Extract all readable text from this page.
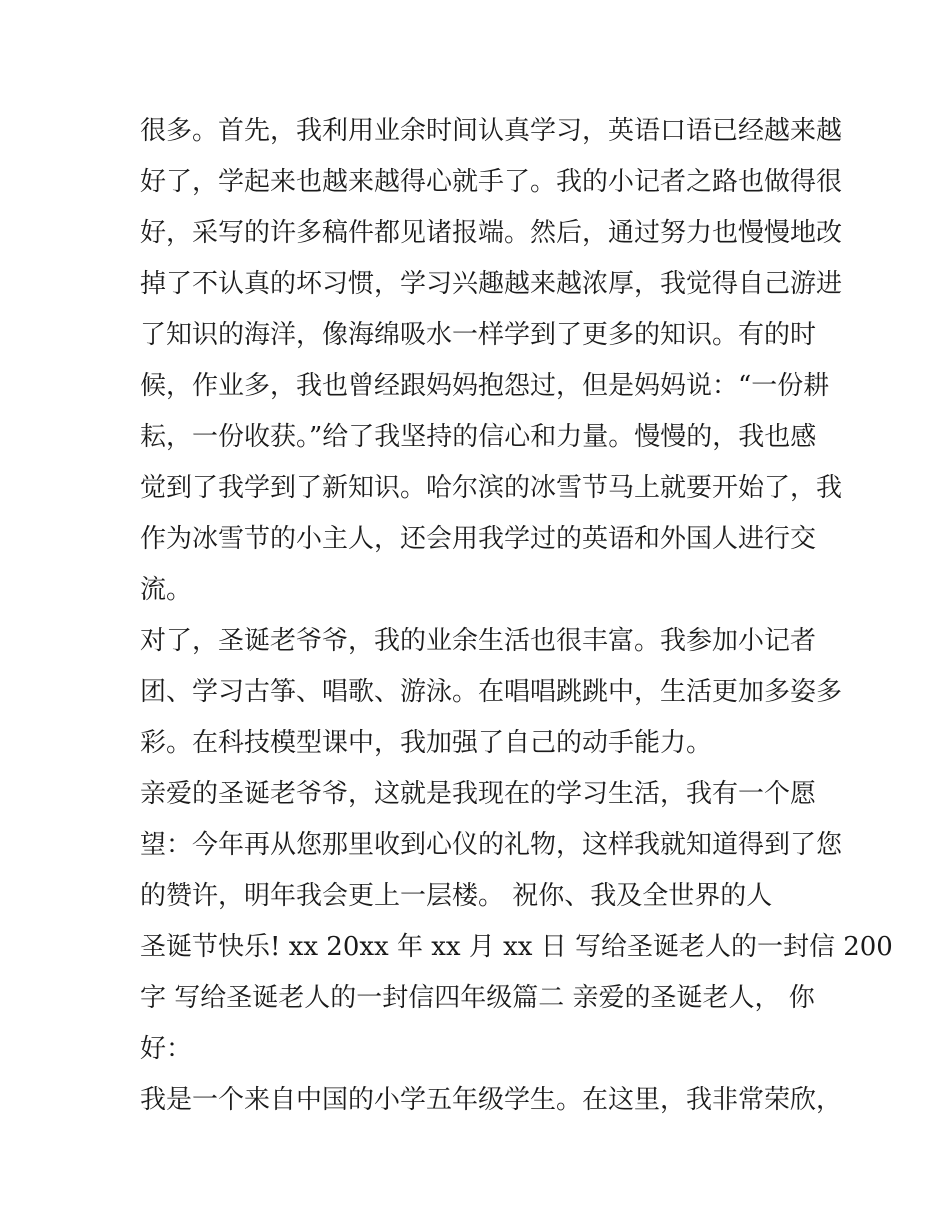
很多。首先，我利用业余时间认真学习，英语口语已经越来越
好了，学起来也越来越得心就手了。我的小记者之路也做得很
好，采写的许多稿件都见诸报端。然后，通过努力也慢慢地改
掉了不认真的坏习惯，学习兴趣越来越浓厚，我觉得自己游进
了知识的海洋，像海绵吸水一样学到了更多的知识。有的时
候，作业多，我也曾经跟妈妈抱怨过，但是妈妈说：“一份耕
耘，一份收获。”给了我坚持的信心和力量。慢慢的，我也感
觉到了我学到了新知识。哈尔滨的冰雪节马上就要开始了，我
作为冰雪节的小主人，还会用我学过的英语和外国人进行交
流。
对了，圣诞老爷爷，我的业余生活也很丰富。我参加小记者
团、学习古筝、唱歌、游泳。在唱唱跳跳中，生活更加多姿多
彩。在科技模型课中，我加强了自己的动手能力。
亲爱的圣诞老爷爷，这就是我现在的学习生活，我有一个愿
望：今年再从您那里收到心仪的礼物，这样我就知道得到了您
的赞许，明年我会更上一层楼。 祝你、我及全世界的人
圣诞节快乐! xx 20xx 年 xx 月 xx 日 写给圣诞老人的一封信 200
字 写给圣诞老人的一封信四年级篇二 亲爱的圣诞老人， 你
好：
我是一个来自中国的小学五年级学生。在这里，我非常荣欣，
